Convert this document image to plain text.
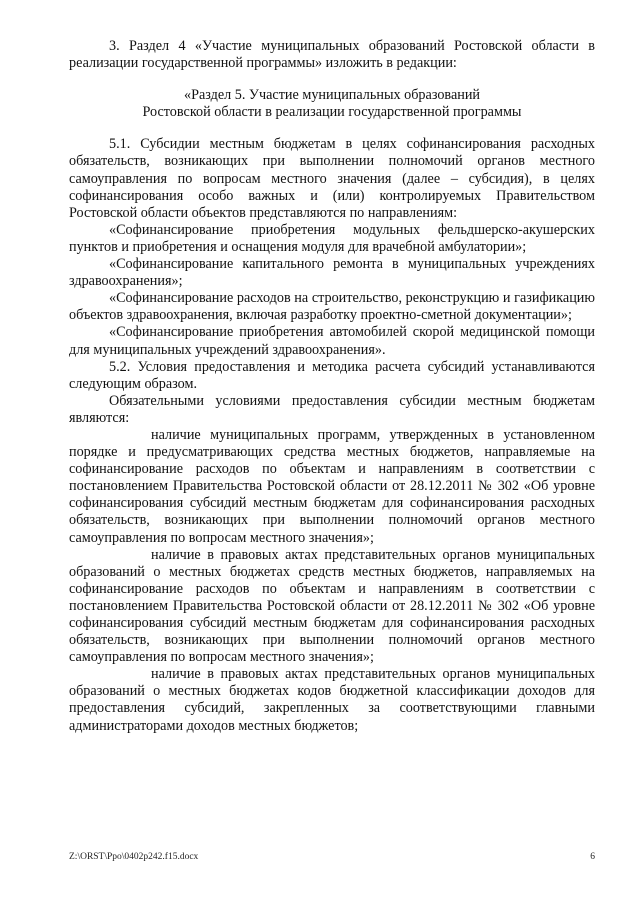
3. Раздел 4 «Участие муниципальных образований Ростовской области в реализации государственной программы» изложить в редакции:

«Раздел 5. Участие муниципальных образований
Ростовской области в реализации государственной программы

5.1. Субсидии местным бюджетам в целях софинансирования расходных обязательств, возникающих при выполнении полномочий органов местного самоуправления по вопросам местного значения (далее – субсидия), в целях софинансирования особо важных и (или) контролируемых Правительством Ростовской области объектов представляются по направлениям:

«Софинансирование приобретения модульных фельдшерско-акушерских пунктов и приобретения и оснащения модуля для врачебной амбулатории»;

«Софинансирование капитального ремонта в муниципальных учреждениях здравоохранения»;

«Софинансирование расходов на строительство, реконструкцию и газификацию объектов здравоохранения, включая разработку проектно-сметной документации»;

«Софинансирование приобретения автомобилей скорой медицинской помощи для муниципальных учреждений здравоохранения».

5.2. Условия предоставления и методика расчета субсидий устанавливаются следующим образом.

Обязательными условиями предоставления субсидии местным бюджетам являются:

наличие муниципальных программ, утвержденных в установленном порядке и предусматривающих средства местных бюджетов, направляемые на софинансирование расходов по объектам и направлениям в соответствии с постановлением Правительства Ростовской области от 28.12.2011 № 302 «Об уровне софинансирования субсидий местным бюджетам для софинансирования расходных обязательств, возникающих при выполнении полномочий органов местного самоуправления по вопросам местного значения»;

наличие в правовых актах представительных органов муниципальных образований о местных бюджетах средств местных бюджетов, направляемых на софинансирование расходов по объектам и направлениям в соответствии с постановлением Правительства Ростовской области от 28.12.2011 № 302 «Об уровне софинансирования субсидий местным бюджетам для софинансирования расходных обязательств, возникающих при выполнении полномочий органов местного самоуправления по вопросам местного значения»;

наличие в правовых актах представительных органов муниципальных образований о местных бюджетах кодов бюджетной классификации доходов для предоставления субсидий, закрепленных за соответствующими главными администраторами доходов местных бюджетов;

Z:\ORST\Ppo\0402p242.f15.docx	6
